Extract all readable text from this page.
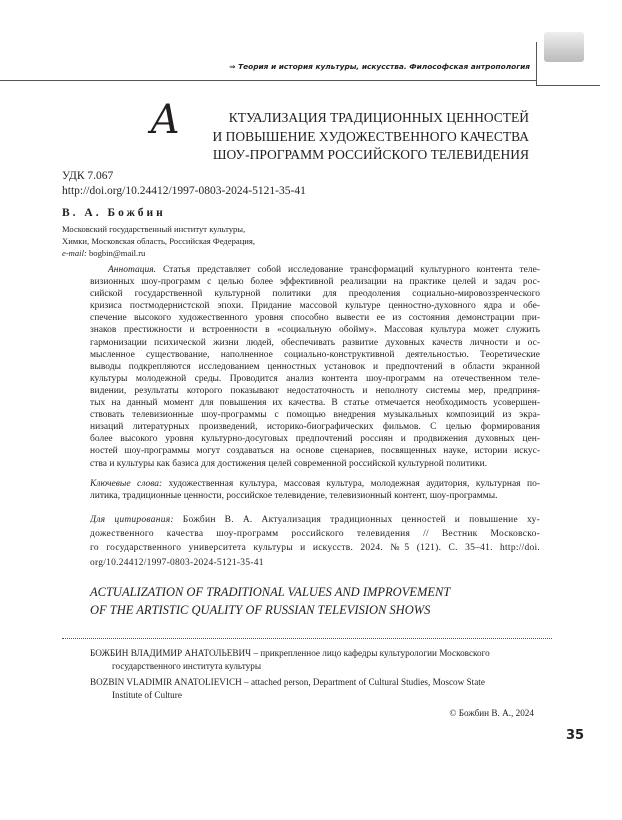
⇒ Теория и история культуры, искусства. Философская антропология
А	КТУАЛИЗАЦИЯ ТРАДИЦИОННЫХ ЦЕННОСТЕЙ
И ПОВЫШЕНИЕ ХУДОЖЕСТВЕННОГО КАЧЕСТВА
ШОУ-ПРОГРАММ РОССИЙСКОГО ТЕЛЕВИДЕНИЯ
УДК 7.067
http://doi.org/10.24412/1997-0803-2024-5121-35-41
В. А. Божбин
Московский государственный институт культуры,
Химки, Московская область, Российская Федерация,
e-mail: bogbin@mail.ru
Аннотация. Статья представляет собой исследование трансформаций культурного контента теле-
визионных шоу-программ с целью более эффективной реализации на практике целей и задач рос-
сийской государственной культурной политики для преодоления социально-мировоззренческого
кризиса постмодернистской эпохи. Придание массовой культуре ценностно-духовного ядра и обе-
спечение высокого художественного уровня способно вывести ее из состояния демонстрации при-
знаков престижности и встроенности в «социальную обойму». Массовая культура может служить
гармонизации психической жизни людей, обеспечивать развитие духовных качеств личности и ос-
мысленное существование, наполненное социально-конструктивной деятельностью. Теоретические
выводы подкрепляются исследованием ценностных установок и предпочтений в области экранной
культуры молодежной среды. Проводится анализ контента шоу-программ на отечественном теле-
видении, результаты которого показывают недостаточность и неполноту системы мер, предприня-
тых на данный момент для повышения их качества. В статье отмечается необходимость усовершен-
ствовать телевизионные шоу-программы с помощью внедрения музыкальных композиций из экра-
низаций литературных произведений, историко-биографических фильмов. С целью формирования
более высокого уровня культурно-досуговых предпочтений россиян и продвижения духовных цен-
ностей шоу-программы могут создаваться на основе сценариев, посвященных науке, истории искус-
ства и культуры как базиса для достижения целей современной российской культурной политики.
Ключевые слова: художественная культура, массовая культура, молодежная аудитория, культурная по-
литика, традиционные ценности, российское телевидение, телевизионный контент, шоу-программы.
Для цитирования: Божбин В. А. Актуализация традиционных ценностей и повышение ху-
дожественного качества шоу-программ российского телевидения // Вестник Московско-
го государственного университета культуры и искусств. 2024. №5 (121). С. 35–41. http://doi.
org/10.24412/1997-0803-2024-5121-35-41
ACTUALIZATION OF TRADITIONAL VALUES AND IMPROVEMENT
OF THE ARTISTIC QUALITY OF RUSSIAN TELEVISION SHOWS
БОЖБИН ВЛАДИМИР АНАТОЛЬЕВИЧ – прикрепленное лицо кафедры культурологии Московского
государственного института культуры
BOZBIN VLADIMIR ANATOLIEVICH – attached person, Department of Cultural Studies, Moscow State
Institute of Culture
© Божбин В. А., 2024
35
